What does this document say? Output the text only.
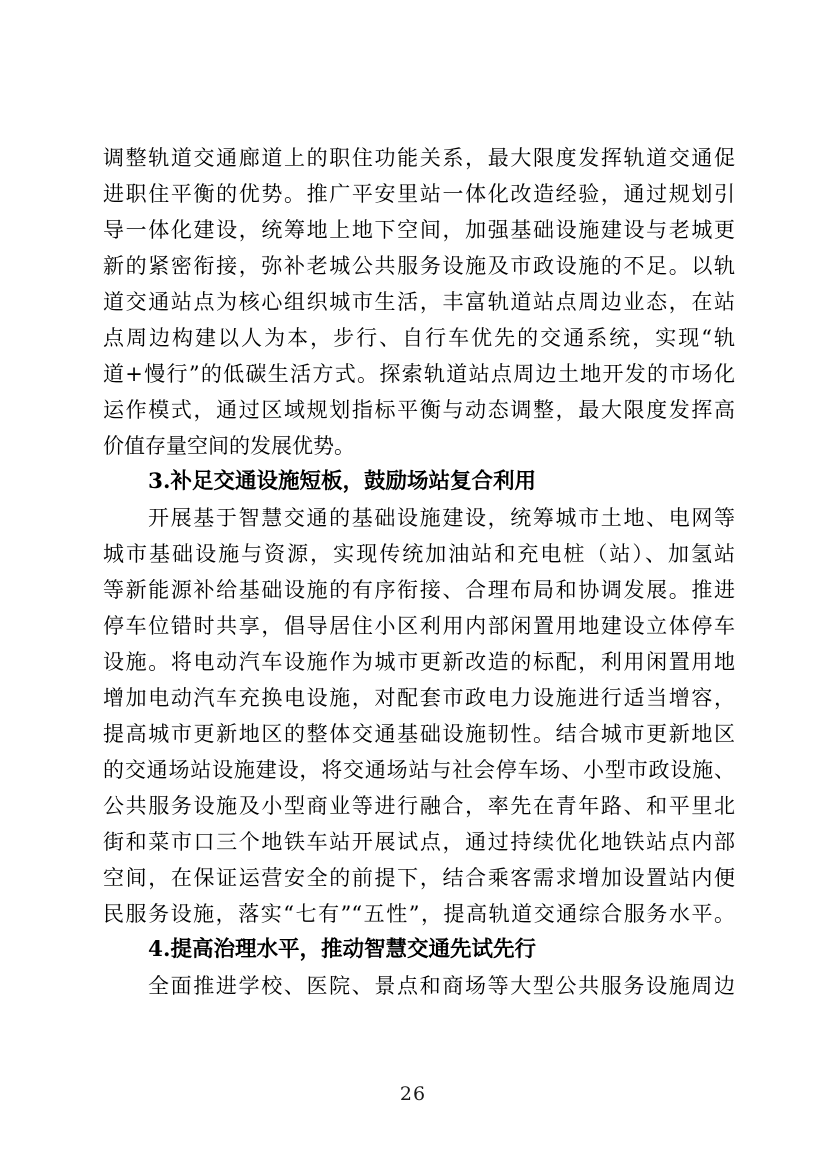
调整轨道交通廊道上的职住功能关系，最大限度发挥轨道交通促
进职住平衡的优势。推广平安里站一体化改造经验，通过规划引
导一体化建设，统筹地上地下空间，加强基础设施建设与老城更
新的紧密衔接，弥补老城公共服务设施及市政设施的不足。以轨
道交通站点为核心组织城市生活，丰富轨道站点周边业态，在站
点周边构建以人为本，步行、自行车优先的交通系统，实现“轨
道+慢行”的低碳生活方式。探索轨道站点周边土地开发的市场化
运作模式，通过区域规划指标平衡与动态调整，最大限度发挥高
价值存量空间的发展优势。
3.补足交通设施短板，鼓励场站复合利用
开展基于智慧交通的基础设施建设，统筹城市土地、电网等
城市基础设施与资源，实现传统加油站和充电桩（站）、加氢站
等新能源补给基础设施的有序衔接、合理布局和协调发展。推进
停车位错时共享，倡导居住小区利用内部闲置用地建设立体停车
设施。将电动汽车设施作为城市更新改造的标配，利用闲置用地
增加电动汽车充换电设施，对配套市政电力设施进行适当增容，
提高城市更新地区的整体交通基础设施韧性。结合城市更新地区
的交通场站设施建设，将交通场站与社会停车场、小型市政设施、
公共服务设施及小型商业等进行融合，率先在青年路、和平里北
街和菜市口三个地铁车站开展试点，通过持续优化地铁站点内部
空间，在保证运营安全的前提下，结合乘客需求增加设置站内便
民服务设施，落实“七有”“五性”，提高轨道交通综合服务水平。
4.提高治理水平，推动智慧交通先试先行
全面推进学校、医院、景点和商场等大型公共服务设施周边
26
